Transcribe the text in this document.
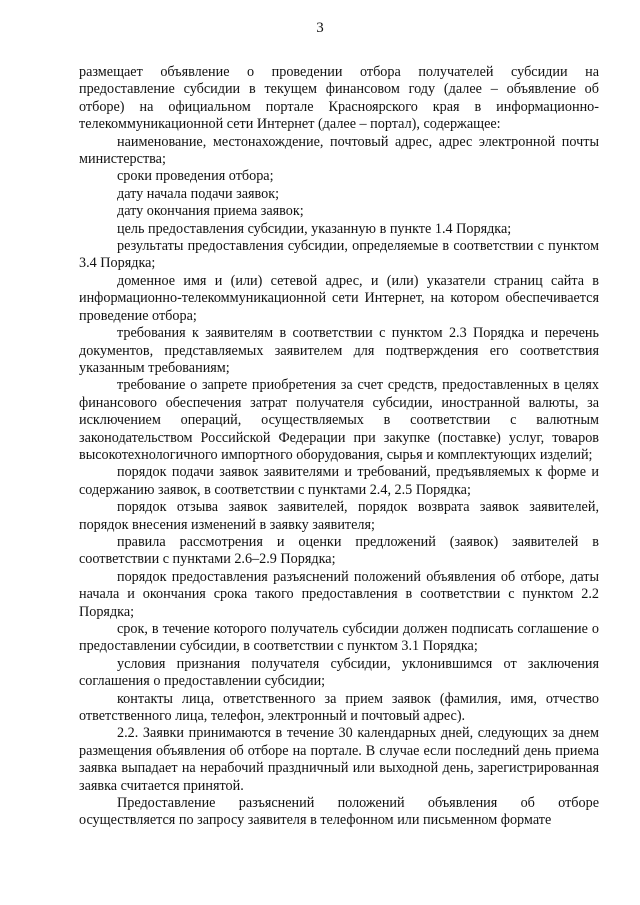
3

размещает объявление о проведении отбора получателей субсидии на предоставление субсидии в текущем финансовом году (далее – объявление об отборе) на официальном портале Красноярского края в информационно-телекоммуникационной сети Интернет (далее – портал), содержащее:

наименование, местонахождение, почтовый адрес, адрес электронной почты министерства;

сроки проведения отбора;

дату начала подачи заявок;

дату окончания приема заявок;

цель предоставления субсидии, указанную в пункте 1.4 Порядка;

результаты предоставления субсидии, определяемые в соответствии с пунктом 3.4 Порядка;

доменное имя и (или) сетевой адрес, и (или) указатели страниц сайта в информационно-телекоммуникационной сети Интернет, на котором обеспечивается проведение отбора;

требования к заявителям в соответствии с пунктом 2.3 Порядка и перечень документов, представляемых заявителем для подтверждения его соответствия указанным требованиям;

требование о запрете приобретения за счет средств, предоставленных в целях финансового обеспечения затрат получателя субсидии, иностранной валюты, за исключением операций, осуществляемых в соответствии с валютным законодательством Российской Федерации при закупке (поставке) услуг, товаров высокотехнологичного импортного оборудования, сырья и комплектующих изделий;

порядок подачи заявок заявителями и требований, предъявляемых к форме и содержанию заявок, в соответствии с пунктами 2.4, 2.5 Порядка;

порядок отзыва заявок заявителей, порядок возврата заявок заявителей, порядок внесения изменений в заявку заявителя;

правила рассмотрения и оценки предложений (заявок) заявителей в соответствии с пунктами 2.6–2.9 Порядка;

порядок предоставления разъяснений положений объявления об отборе, даты начала и окончания срока такого предоставления в соответствии с пунктом 2.2 Порядка;

срок, в течение которого получатель субсидии должен подписать соглашение о предоставлении субсидии, в соответствии с пунктом 3.1 Порядка;

условия признания получателя субсидии, уклонившимся от заключения соглашения о предоставлении субсидии;

контакты лица, ответственного за прием заявок (фамилия, имя, отчество ответственного лица, телефон, электронный и почтовый адрес).

2.2. Заявки принимаются в течение 30 календарных дней, следующих за днем размещения объявления об отборе на портале. В случае если последний день приема заявка выпадает на нерабочий праздничный или выходной день, зарегистрированная заявка считается принятой.

Предоставление разъяснений положений объявления об отборе осуществляется по запросу заявителя в телефонном или письменном формате
